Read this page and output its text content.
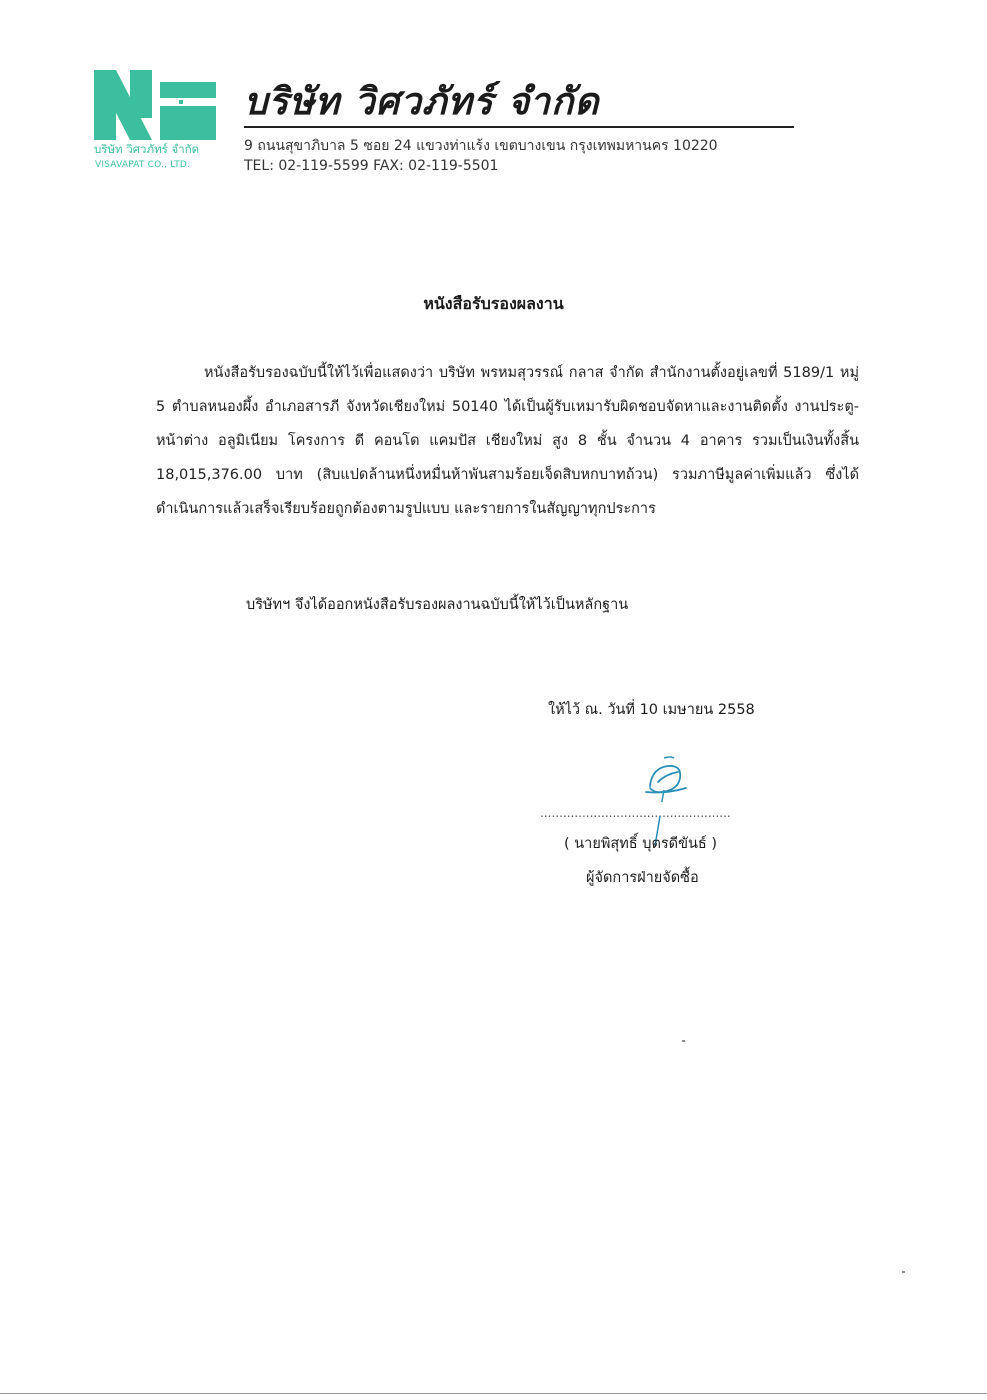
บริษัท วิศวภัทร์ จำกัด
VISAVAPAT CO., LTD.
บริษัท วิศวภัทร์ จำกัด
9 ถนนสุขาภิบาล 5 ซอย 24 แขวงท่าแร้ง เขตบางเขน กรุงเทพมหานคร 10220
TEL: 02-119-5599 FAX: 02-119-5501
หนังสือรับรองผลงาน
หนังสือรับรองฉบับนี้ให้ไว้เพื่อแสดงว่า บริษัท พรหมสุวรรณ์ กลาส จำกัด สำนักงานตั้งอยู่เลขที่ 5189/1 หมู่ 5 ตำบลหนองผึ้ง อำเภอสารภี จังหวัดเชียงใหม่ 50140 ได้เป็นผู้รับเหมารับผิดชอบจัดหาและงานติดตั้ง งานประตู-หน้าต่าง อลูมิเนียม โครงการ ดี คอนโด แคมปัส เชียงใหม่ สูง 8 ชั้น จำนวน 4 อาคาร รวมเป็นเงินทั้งสิ้น 18,015,376.00 บาท (สิบแปดล้านหนึ่งหมื่นห้าพันสามร้อยเจ็ดสิบหกบาทถ้วน) รวมภาษีมูลค่าเพิ่มแล้ว ซึ่งได้ดำเนินการแล้วเสร็จเรียบร้อยถูกต้องตามรูปแบบ และรายการในสัญญาทุกประการ
บริษัทฯ จึงได้ออกหนังสือรับรองผลงานฉบับนี้ให้ไว้เป็นหลักฐาน
ให้ไว้ ณ. วันที่ 10 เมษายน 2558
..................................................
( นายพิสุทธิ์ บุตรดีขันธ์ )
ผู้จัดการฝ่ายจัดซื้อ
